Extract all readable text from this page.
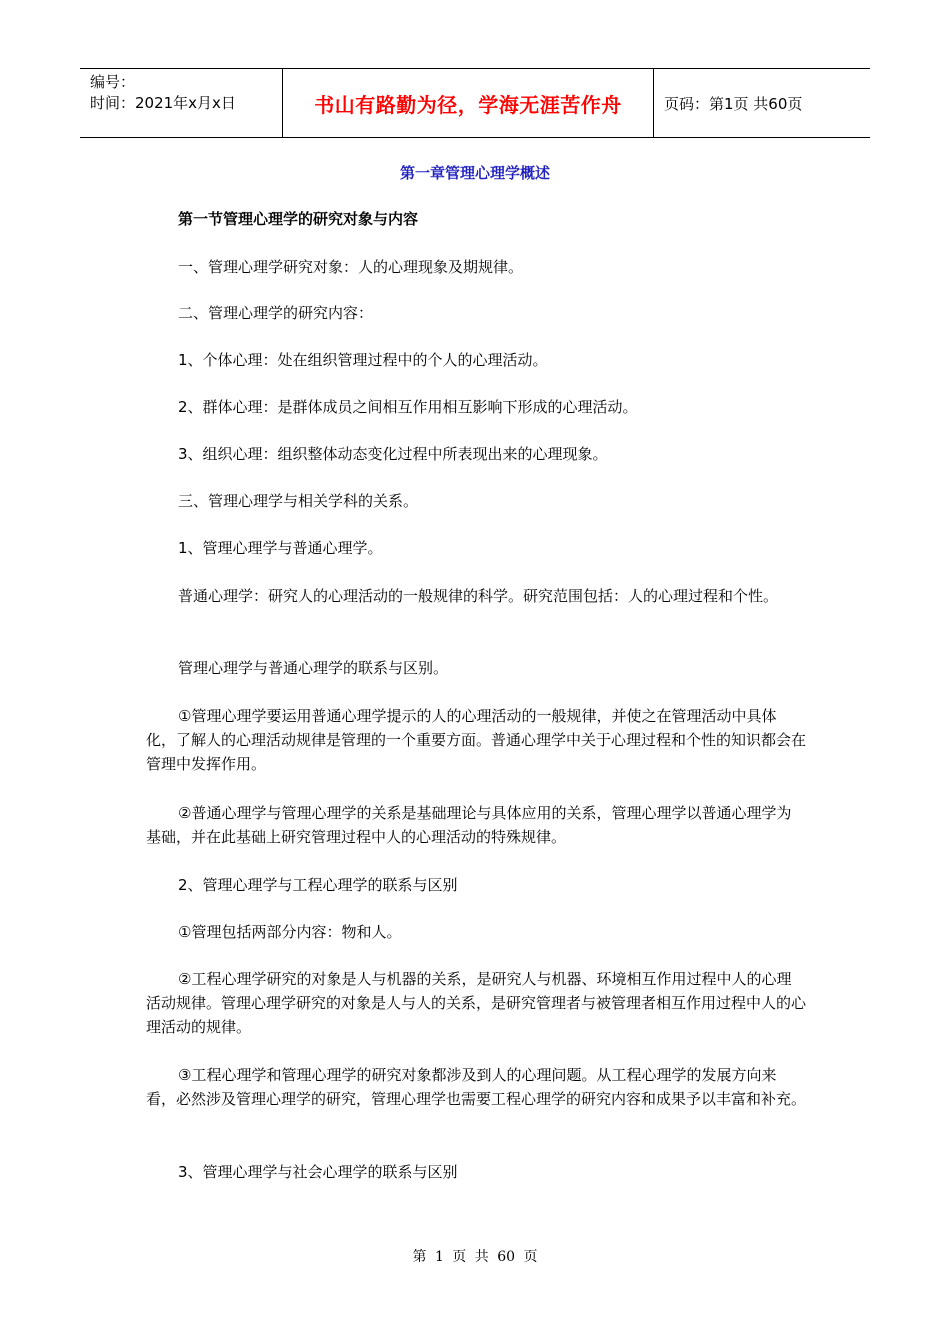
编号：
时间：2021年x月x日	书山有路勤为径，学海无涯苦作舟	页码：第1页 共60页
第一章管理心理学概述
第一节管理心理学的研究对象与内容
一、管理心理学研究对象：人的心理现象及期规律。
二、管理心理学的研究内容：
1、个体心理：处在组织管理过程中的个人的心理活动。
2、群体心理：是群体成员之间相互作用相互影响下形成的心理活动。
3、组织心理：组织整体动态变化过程中所表现出来的心理现象。
三、管理心理学与相关学科的关系。
1、管理心理学与普通心理学。
普通心理学：研究人的心理活动的一般规律的科学。研究范围包括：人的心理过程和个性。
管理心理学与普通心理学的联系与区别。
①管理心理学要运用普通心理学提示的人的心理活动的一般规律，并使之在管理活动中具体化，了解人的心理活动规律是管理的一个重要方面。普通心理学中关于心理过程和个性的知识都会在管理中发挥作用。
②普通心理学与管理心理学的关系是基础理论与具体应用的关系，管理心理学以普通心理学为基础，并在此基础上研究管理过程中人的心理活动的特殊规律。
2、管理心理学与工程心理学的联系与区别
①管理包括两部分内容：物和人。
②工程心理学研究的对象是人与机器的关系，是研究人与机器、环境相互作用过程中人的心理活动规律。管理心理学研究的对象是人与人的关系，是研究管理者与被管理者相互作用过程中人的心理活动的规律。
③工程心理学和管理心理学的研究对象都涉及到人的心理问题。从工程心理学的发展方向来看，必然涉及管理心理学的研究，管理心理学也需要工程心理学的研究内容和成果予以丰富和补充。
3、管理心理学与社会心理学的联系与区别
第 1 页 共 60 页
